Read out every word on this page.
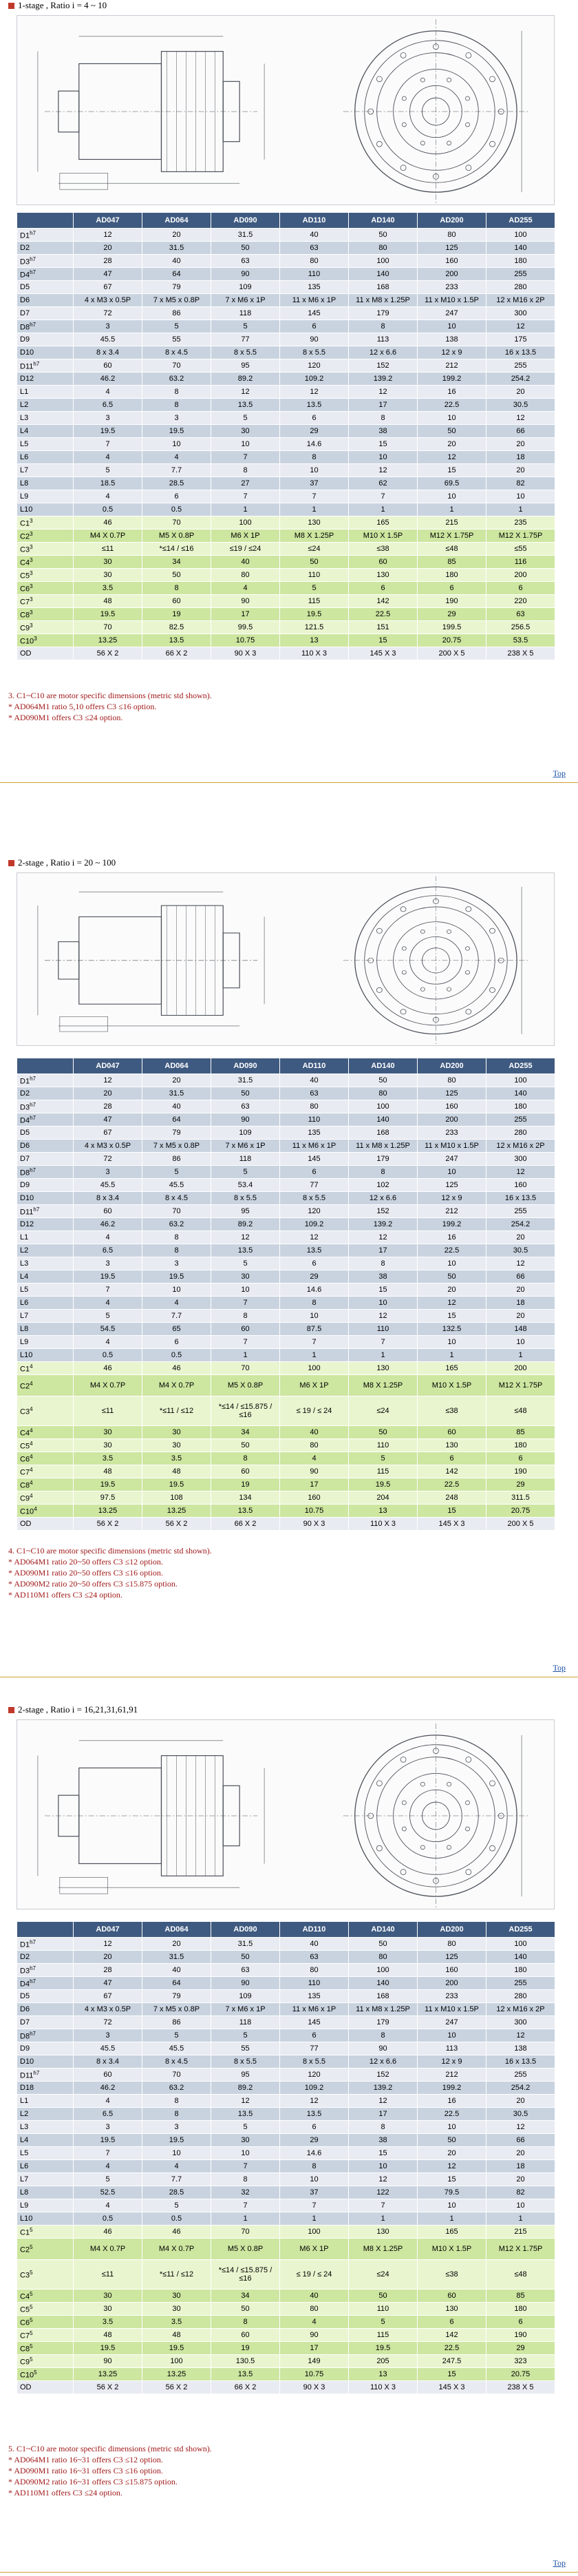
1-stage , Ratio i = 4 ~ 10
	AD047	AD064	AD090	AD110	AD140	AD200	AD255
$D1^{h7}$	12	20	31.5	40	50	80	100
D2	20	31.5	50	63	80	125	140
$D3^{h7}$	28	40	63	80	100	160	180
$D4^{h7}$	47	64	90	110	140	200	255
D5	67	79	109	135	168	233	280
D6	4 x M3 x 0.5P	7 x M5 x 0.8P	7 x M6 x 1P	11 x M6 x 1P	11 x M8 x 1.25P	11 x M10 x 1.5P	12 x M16 x 2P
D7	72	86	118	145	179	247	300
$D8^{h7}$	3	5	5	6	8	10	12
D9	45.5	55	77	90	113	138	175
D10	8 x 3.4	8 x 4.5	8 x 5.5	8 x 5.5	12 x 6.6	12 x 9	16 x 13.5
$D11^{h7}$	60	70	95	120	152	212	255
D12	46.2	63.2	89.2	109.2	139.2	199.2	254.2
L1	4	8	12	12	12	16	20
L2	6.5	8	13.5	13.5	17	22.5	30.5
L3	3	3	5	6	8	10	12
L4	19.5	19.5	30	29	38	50	66
L5	7	10	10	14.6	15	20	20
L6	4	4	7	8	10	12	18
L7	5	7.7	8	10	12	15	20
L8	18.5	28.5	27	37	62	69.5	82
L9	4	6	7	7	7	10	10
L10	0.5	0.5	1	1	1	1	1
$C1^3$	46	70	100	130	165	215	235
$C2^3$	M4 X 0.7P	M5 X 0.8P	M6 X 1P	M8 X 1.25P	M10 X 1.5P	M12 X 1.75P	M12 X 1.75P
$C3^3$	≤11	*≤14 / ≤16	≤19 / ≤24	≤24	≤38	≤48	≤55
$C4^3$	30	34	40	50	60	85	116
$C5^3$	30	50	80	110	130	180	200
$C6^3$	3.5	8	4	5	6	6	6
$C7^3$	48	60	90	115	142	190	220
$C8^3$	19.5	19	17	19.5	22.5	29	63
$C9^3$	70	82.5	99.5	121.5	151	199.5	256.5
$C10^3$	13.25	13.5	10.75	13	15	20.75	53.5
OD	56 X 2	66 X 2	90 X 3	110 X 3	145 X 3	200 X 5	238 X 5
3. C1~C10 are motor specific dimensions (metric std shown).
* AD064M1 ratio 5,10 offers C3 ≤16 option.
* AD090M1 offers C3 ≤24 option.
Top
2-stage , Ratio i = 20 ~ 100
	AD047	AD064	AD090	AD110	AD140	AD200	AD255
$D1^{h7}$	12	20	31.5	40	50	80	100
D2	20	31.5	50	63	80	125	140
$D3^{h7}$	28	40	63	80	100	160	180
$D4^{h7}$	47	64	90	110	140	200	255
D5	67	79	109	135	168	233	280
D6	4 x M3 x 0.5P	7 x M5 x 0.8P	7 x M6 x 1P	11 x M6 x 1P	11 x M8 x 1.25P	11 x M10 x 1.5P	12 x M16 x 2P
D7	72	86	118	145	179	247	300
$D8^{h7}$	3	5	5	6	8	10	12
D9	45.5	45.5	53.4	77	102	125	160
D10	8 x 3.4	8 x 4.5	8 x 5.5	8 x 5.5	12 x 6.6	12 x 9	16 x 13.5
$D11^{h7}$	60	70	95	120	152	212	255
D12	46.2	63.2	89.2	109.2	139.2	199.2	254.2
L1	4	8	12	12	12	16	20
L2	6.5	8	13.5	13.5	17	22.5	30.5
L3	3	3	5	6	8	10	12
L4	19.5	19.5	30	29	38	50	66
L5	7	10	10	14.6	15	20	20
L6	4	4	7	8	10	12	18
L7	5	7.7	8	10	12	15	20
L8	54.5	65	60	87.5	110	132.5	148
L9	4	6	7	7	7	10	10
L10	0.5	0.5	1	1	1	1	1
$C1^4$	46	46	70	100	130	165	200
$C2^4$	M4 X 0.7P	M4 X 0.7P	M5 X 0.8P	M6 X 1P	M8 X 1.25P	M10 X 1.5P	M12 X 1.75P
$C3^4$	≤11	*≤11 / ≤12	*≤14 / ≤15.875 / ≤16	≤ 19 / ≤ 24	≤24	≤38	≤48
$C4^4$	30	30	34	40	50	60	85
$C5^4$	30	30	50	80	110	130	180
$C6^4$	3.5	3.5	8	4	5	6	6
$C7^4$	48	48	60	90	115	142	190
$C8^4$	19.5	19.5	19	17	19.5	22.5	29
$C9^4$	97.5	108	134	160	204	248	311.5
$C10^4$	13.25	13.25	13.5	10.75	13	15	20.75
OD	56 X 2	56 X 2	66 X 2	90 X 3	110 X 3	145 X 3	200 X 5
4. C1~C10 are motor specific dimensions (metric std shown).
* AD064M1 ratio 20~50 offers C3 ≤12 option.
* AD090M1 ratio 20~50 offers C3 ≤16 option.
* AD090M2 ratio 20~50 offers C3 ≤15.875 option.
* AD110M1 offers C3 ≤24 option.
Top
2-stage , Ratio i = 16,21,31,61,91
	AD047	AD064	AD090	AD110	AD140	AD200	AD255
$D1^{h7}$	12	20	31.5	40	50	80	100
D2	20	31.5	50	63	80	125	140
$D3^{h7}$	28	40	63	80	100	160	180
$D4^{h7}$	47	64	90	110	140	200	255
D5	67	79	109	135	168	233	280
D6	4 x M3 x 0.5P	7 x M5 x 0.8P	7 x M6 x 1P	11 x M6 x 1P	11 x M8 x 1.25P	11 x M10 x 1.5P	12 x M16 x 2P
D7	72	86	118	145	179	247	300
$D8^{h7}$	3	5	5	6	8	10	12
D9	45.5	45.5	55	77	90	113	138
D10	8 x 3.4	8 x 4.5	8 x 5.5	8 x 5.5	12 x 6.6	12 x 9	16 x 13.5
$D11^{h7}$	60	70	95	120	152	212	255
D18	46.2	63.2	89.2	109.2	139.2	199.2	254.2
L1	4	8	12	12	12	16	20
L2	6.5	8	13.5	13.5	17	22.5	30.5
L3	3	3	5	6	8	10	12
L4	19.5	19.5	30	29	38	50	66
L5	7	10	10	14.6	15	20	20
L6	4	4	7	8	10	12	18
L7	5	7.7	8	10	12	15	20
L8	52.5	28.5	32	37	122	79.5	82
L9	4	5	7	7	7	10	10
L10	0.5	0.5	1	1	1	1	1
$C1^5$	46	46	70	100	130	165	215
$C2^5$	M4 X 0.7P	M4 X 0.7P	M5 X 0.8P	M6 X 1P	M8 X 1.25P	M10 X 1.5P	M12 X 1.75P
$C3^5$	≤11	*≤11 / ≤12	*≤14 / ≤15.875 / ≤16	≤ 19 / ≤ 24	≤24	≤38	≤48
$C4^5$	30	30	34	40	50	60	85
$C5^5$	30	30	50	80	110	130	180
$C6^5$	3.5	3.5	8	4	5	6	6
$C7^5$	48	48	60	90	115	142	190
$C8^5$	19.5	19.5	19	17	19.5	22.5	29
$C9^5$	90	100	130.5	149	205	247.5	323
$C10^5$	13.25	13.25	13.5	10.75	13	15	20.75
OD	56 X 2	56 X 2	66 X 2	90 X 3	110 X 3	145 X 3	238 X 5
5. C1~C10 are motor specific dimensions (metric std shown).
* AD064M1 ratio 16~31 offers C3 ≤12 option.
* AD090M1 ratio 16~31 offers C3 ≤16 option.
* AD090M2 ratio 16~31 offers C3 ≤15.875 option.
* AD110M1 offers C3 ≤24 option.
Top
